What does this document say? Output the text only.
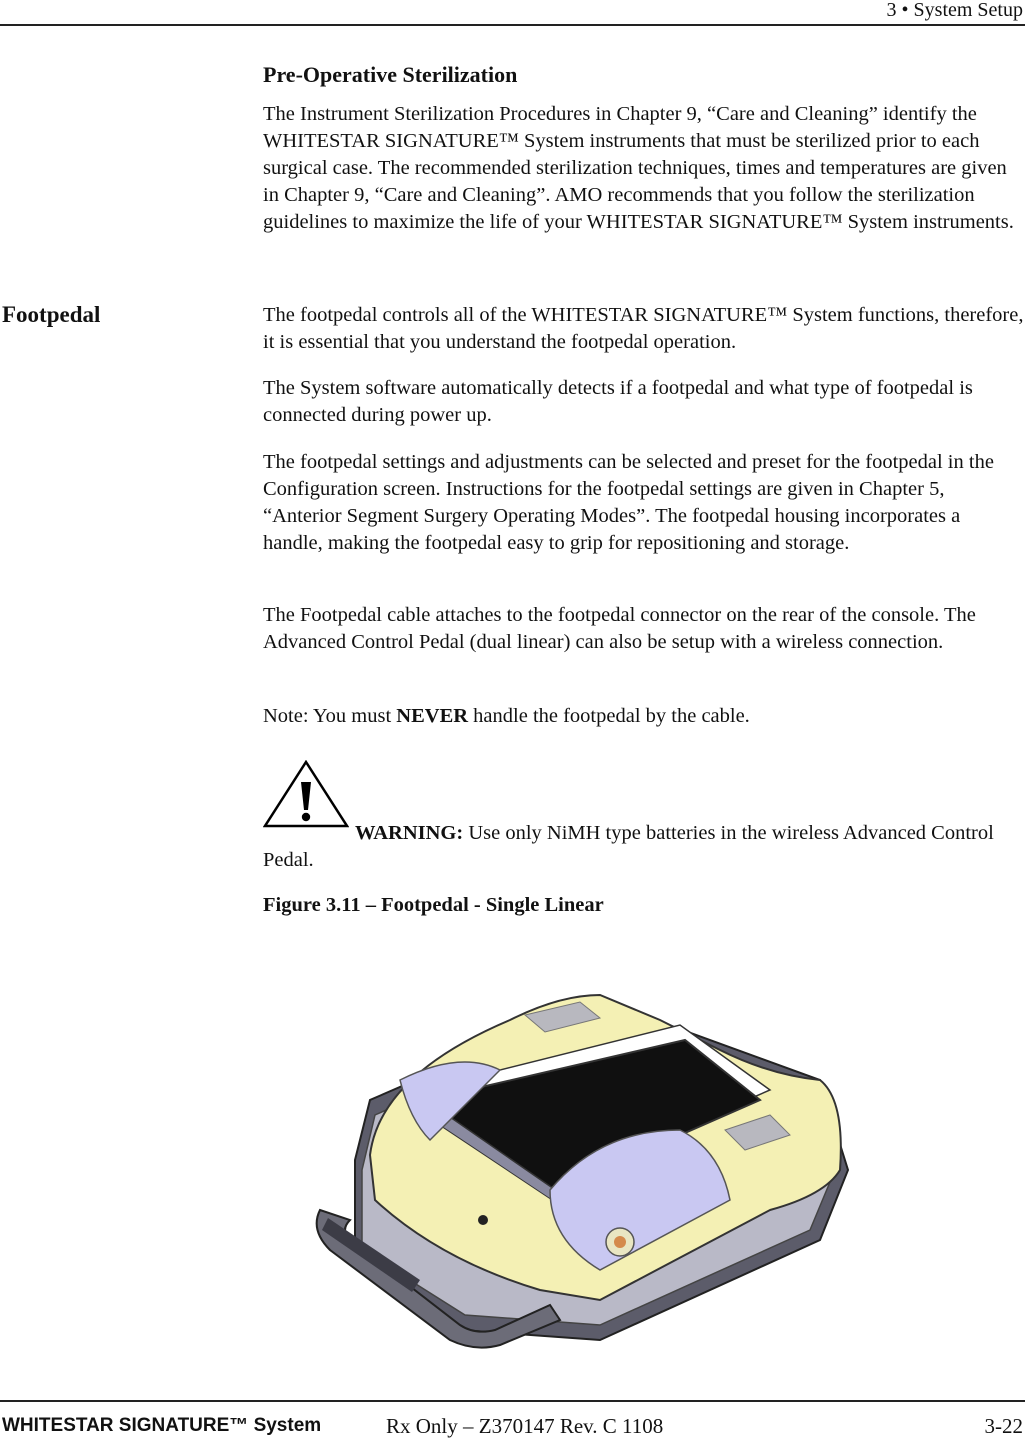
3 • System Setup
Pre-Operative Sterilization

The Instrument Sterilization Procedures in Chapter 9, “Care and Cleaning” identify the WHITESTAR SIGNATURE™ System instruments that must be sterilized prior to each surgical case. The recommended sterilization techniques, times and temperatures are given in Chapter 9, “Care and Cleaning”. AMO recommends that you follow the sterilization guidelines to maximize the life of your WHITESTAR SIGNATURE™ System instruments.

Footpedal	The footpedal controls all of the WHITESTAR SIGNATURE™ System functions, therefore, it is essential that you understand the footpedal operation.

The System software automatically detects if a footpedal and what type of footpedal is connected during power up.

The footpedal settings and adjustments can be selected and preset for the footpedal in the Configuration screen. Instructions for the footpedal settings are given in Chapter 5, “Anterior Segment Surgery Operating Modes”. The footpedal housing incorporates a handle, making the footpedal easy to grip for repositioning and storage.

The Footpedal cable attaches to the footpedal connector on the rear of the console. The Advanced Control Pedal (dual linear) can also be setup with a wireless connection.

Note: You must NEVER handle the footpedal by the cable.

WARNING: Use only NiMH type batteries in the wireless Advanced Control Pedal.

Figure 3.11 – Footpedal - Single Linear
WHITESTAR SIGNATURE™ System	Rx Only – Z370147 Rev. C 1108	3-22
